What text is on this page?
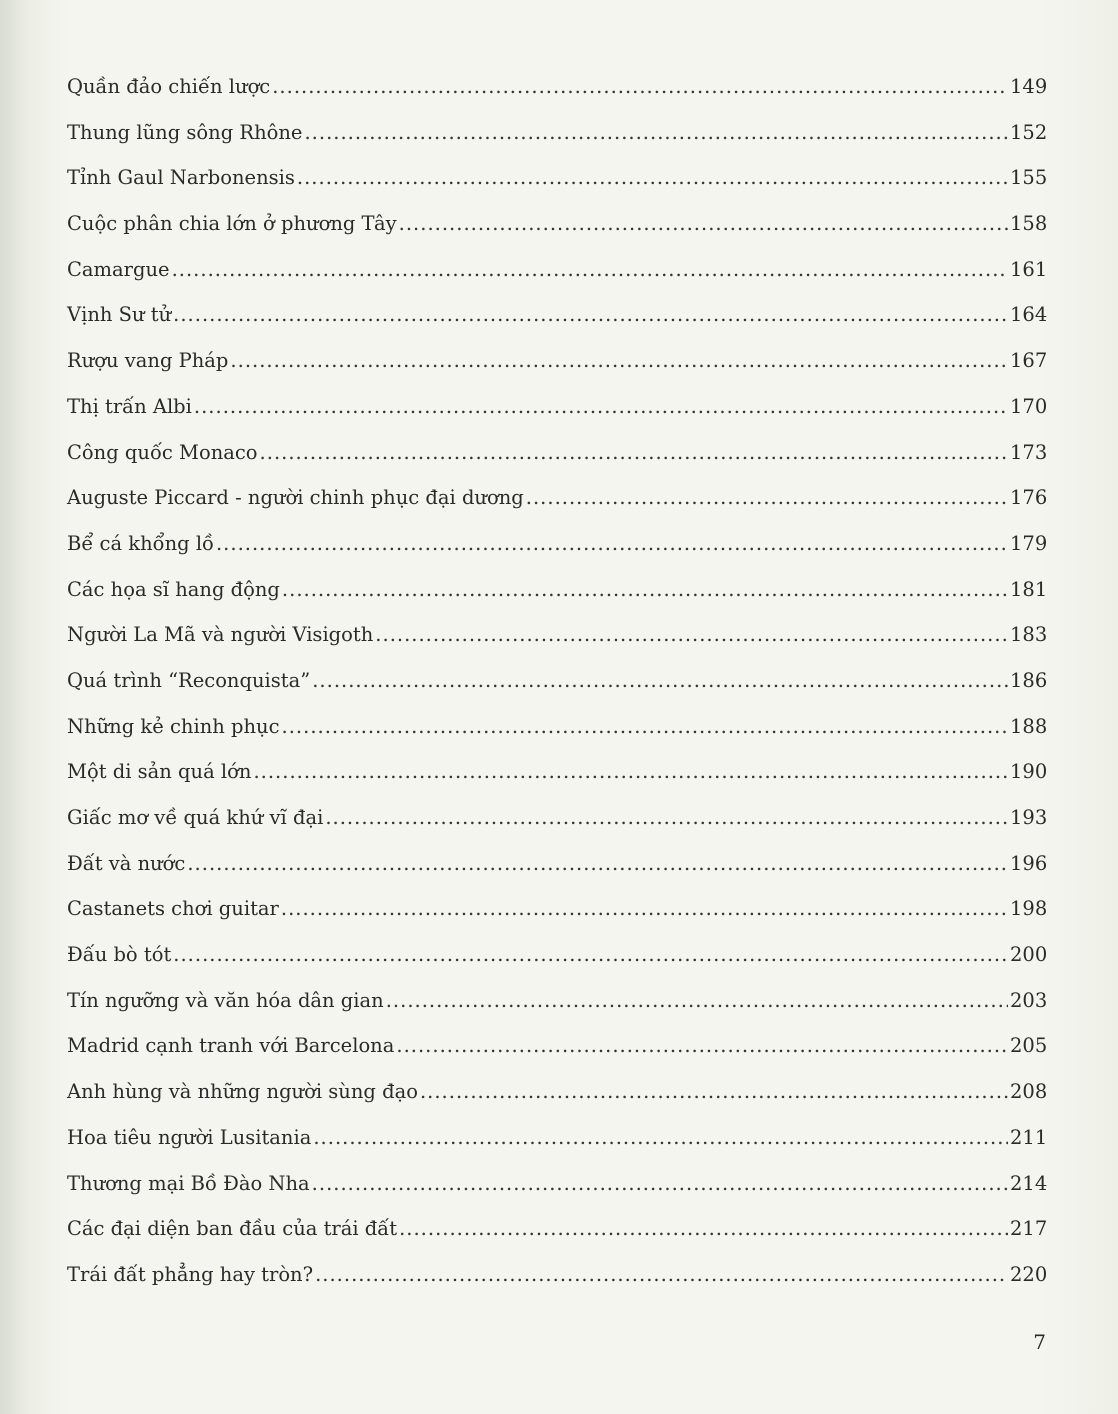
Quần đảo chiến lược .....	149
Thung lũng sông Rhône .....	152
Tỉnh Gaul Narbonensis .....	155
Cuộc phân chia lớn ở phương Tây .....	158
Camargue .....	161
Vịnh Sư tử .....	164
Rượu vang Pháp .....	167
Thị trấn Albi .....	170
Công quốc Monaco .....	173
Auguste Piccard - người chinh phục đại dương .....	176
Bể cá khổng lồ .....	179
Các họa sĩ hang động .....	181
Người La Mã và người Visigoth .....	183
Quá trình “Reconquista” .....	186
Những kẻ chinh phục .....	188
Một di sản quá lớn .....	190
Giấc mơ về quá khứ vĩ đại .....	193
Đất và nước .....	196
Castanets chơi guitar .....	198
Đấu bò tót .....	200
Tín ngưỡng và văn hóa dân gian .....	203
Madrid cạnh tranh với Barcelona .....	205
Anh hùng và những người sùng đạo .....	208
Hoa tiêu người Lusitania .....	211
Thương mại Bồ Đào Nha .....	214
Các đại diện ban đầu của trái đất .....	217
Trái đất phẳng hay tròn? .....	220
7
